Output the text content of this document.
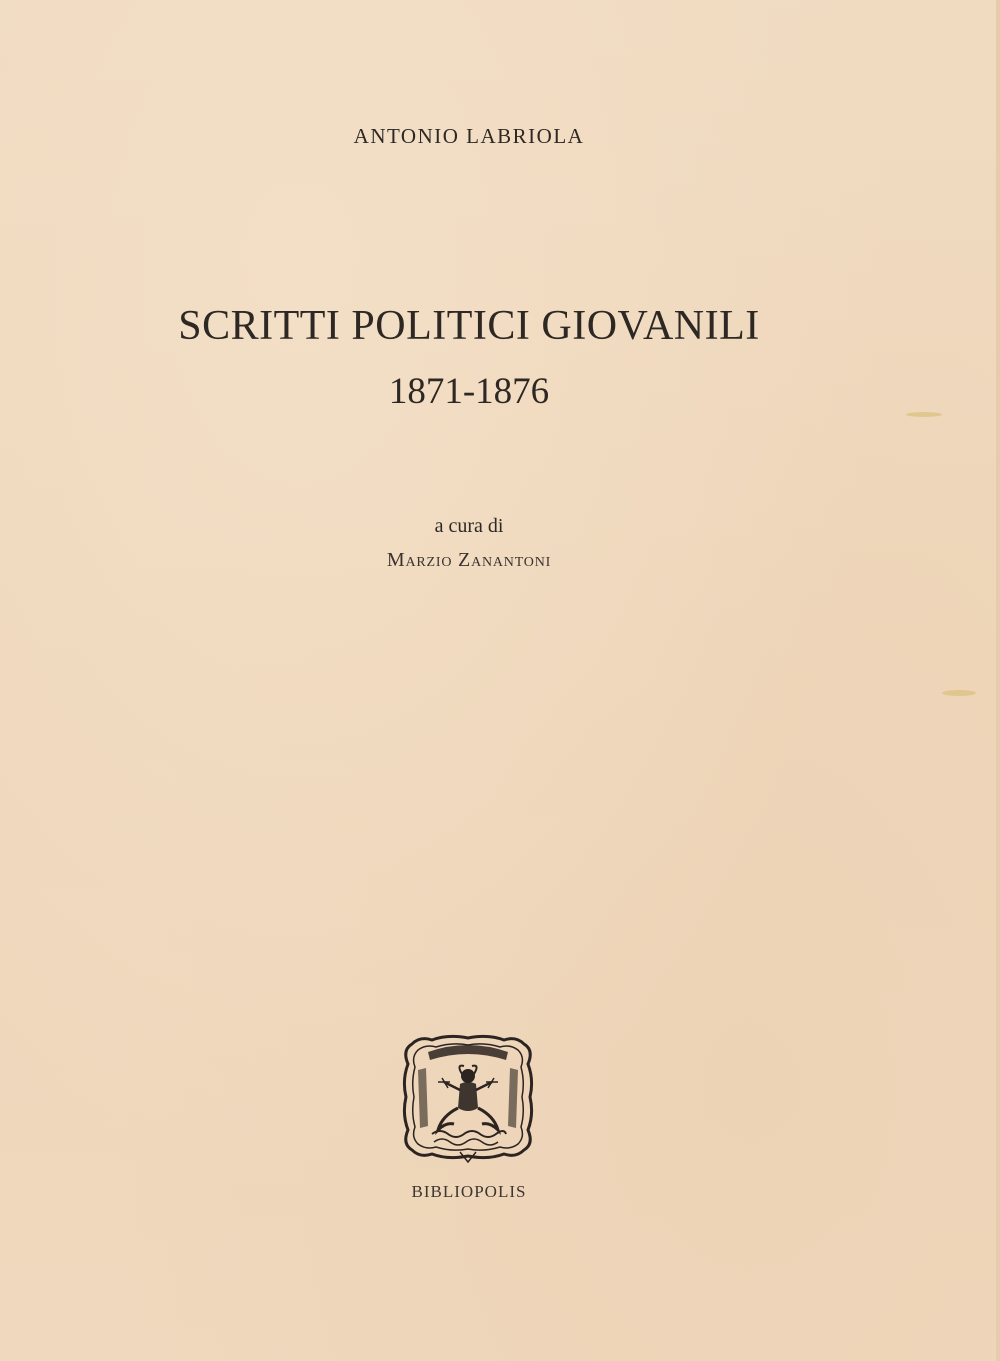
ANTONIO LABRIOLA
SCRITTI POLITICI GIOVANILI
1871-1876
a cura di
Marzio Zanantoni
BIBLIOPOLIS
